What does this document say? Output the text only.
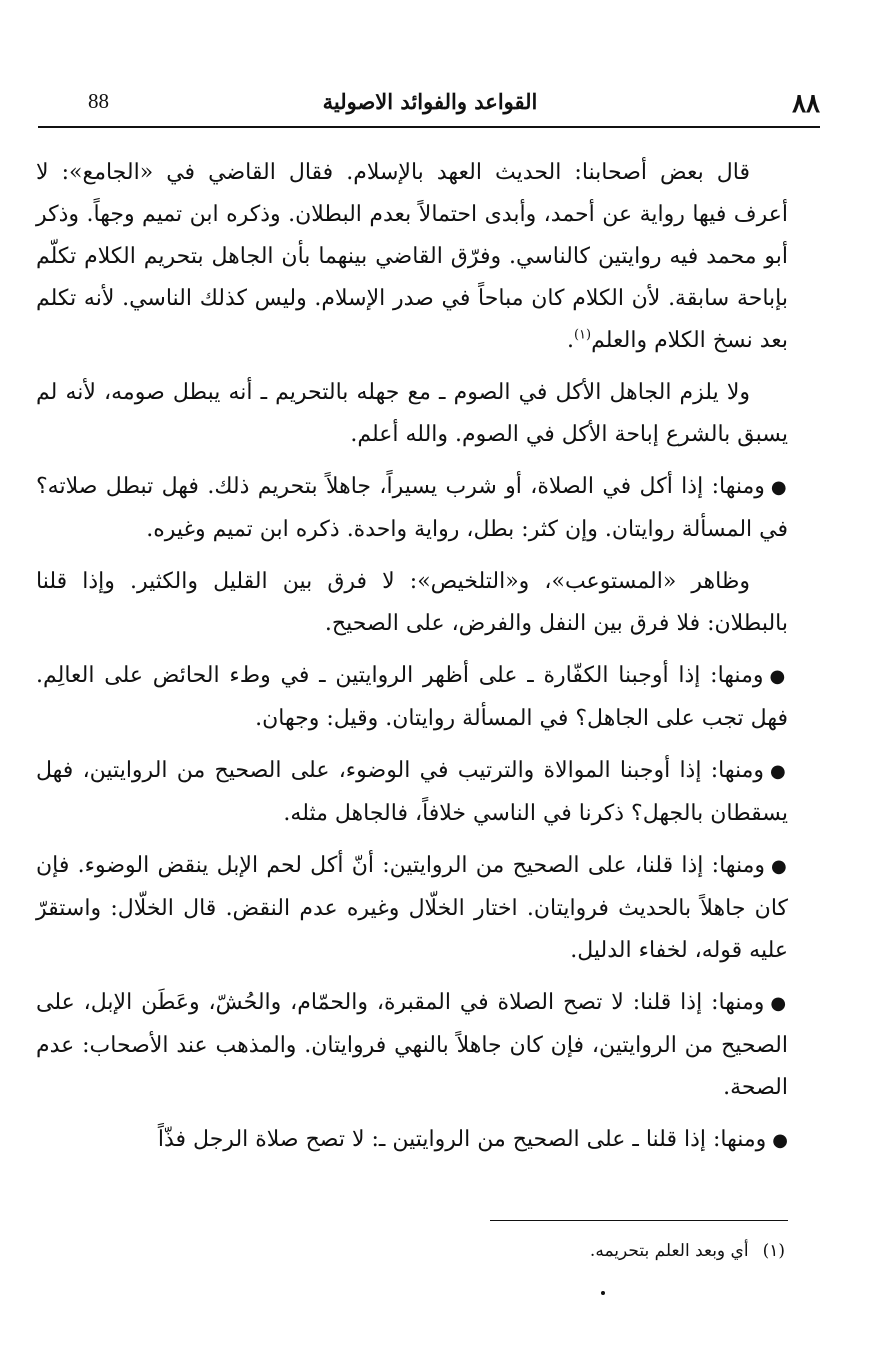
٨٨
القواعد والفوائد الاصولية
88

قال بعض أصحابنا: الحديث العهد بالإسلام. فقال القاضي في «الجامع»: لا أعرف فيها رواية عن أحمد، وأبدى احتمالاً بعدم البطلان. وذكره ابن تميم وجهاً. وذكر أبو محمد فيه روايتين كالناسي. وفرّق القاضي بينهما بأن الجاهل بتحريم الكلام تكلّم بإباحة سابقة. لأن الكلام كان مباحاً في صدر الإسلام. وليس كذلك الناسي. لأنه تكلم بعد نسخ الكلام والعلم$^{(١)}$.

ولا يلزم الجاهل الأكل في الصوم ـ مع جهله بالتحريم ـ أنه يبطل صومه، لأنه لم يسبق بالشرع إباحة الأكل في الصوم. والله أعلم.

●ومنها: إذا أكل في الصلاة، أو شرب يسيراً، جاهلاً بتحريم ذلك. فهل تبطل صلاته؟ في المسألة روايتان. وإن كثر: بطل، رواية واحدة. ذكره ابن تميم وغيره.

وظاهر «المستوعب»، و«التلخيص»: لا فرق بين القليل والكثير. وإذا قلنا بالبطلان: فلا فرق بين النفل والفرض، على الصحيح.

●ومنها: إذا أوجبنا الكفّارة ـ على أظهر الروايتين ـ في وطء الحائض على العالِم. فهل تجب على الجاهل؟ في المسألة روايتان. وقيل: وجهان.

●ومنها: إذا أوجبنا الموالاة والترتيب في الوضوء، على الصحيح من الروايتين، فهل يسقطان بالجهل؟ ذكرنا في الناسي خلافاً، فالجاهل مثله.

●ومنها: إذا قلنا، على الصحيح من الروايتين: أنّ أكل لحم الإبل ينقض الوضوء. فإن كان جاهلاً بالحديث فروايتان. اختار الخلّال وغيره عدم النقض. قال الخلّال: واستقرّ عليه قوله، لخفاء الدليل.

●ومنها: إذا قلنا: لا تصح الصلاة في المقبرة، والحمّام، والحُشّ، وعَطَن الإبل، على الصحيح من الروايتين، فإن كان جاهلاً بالنهي فروايتان. والمذهب عند الأصحاب: عدم الصحة.

●ومنها: إذا قلنا ـ على الصحيح من الروايتين ـ: لا تصح صلاة الرجل فذّاً

(١)أي وبعد العلم بتحريمه.
